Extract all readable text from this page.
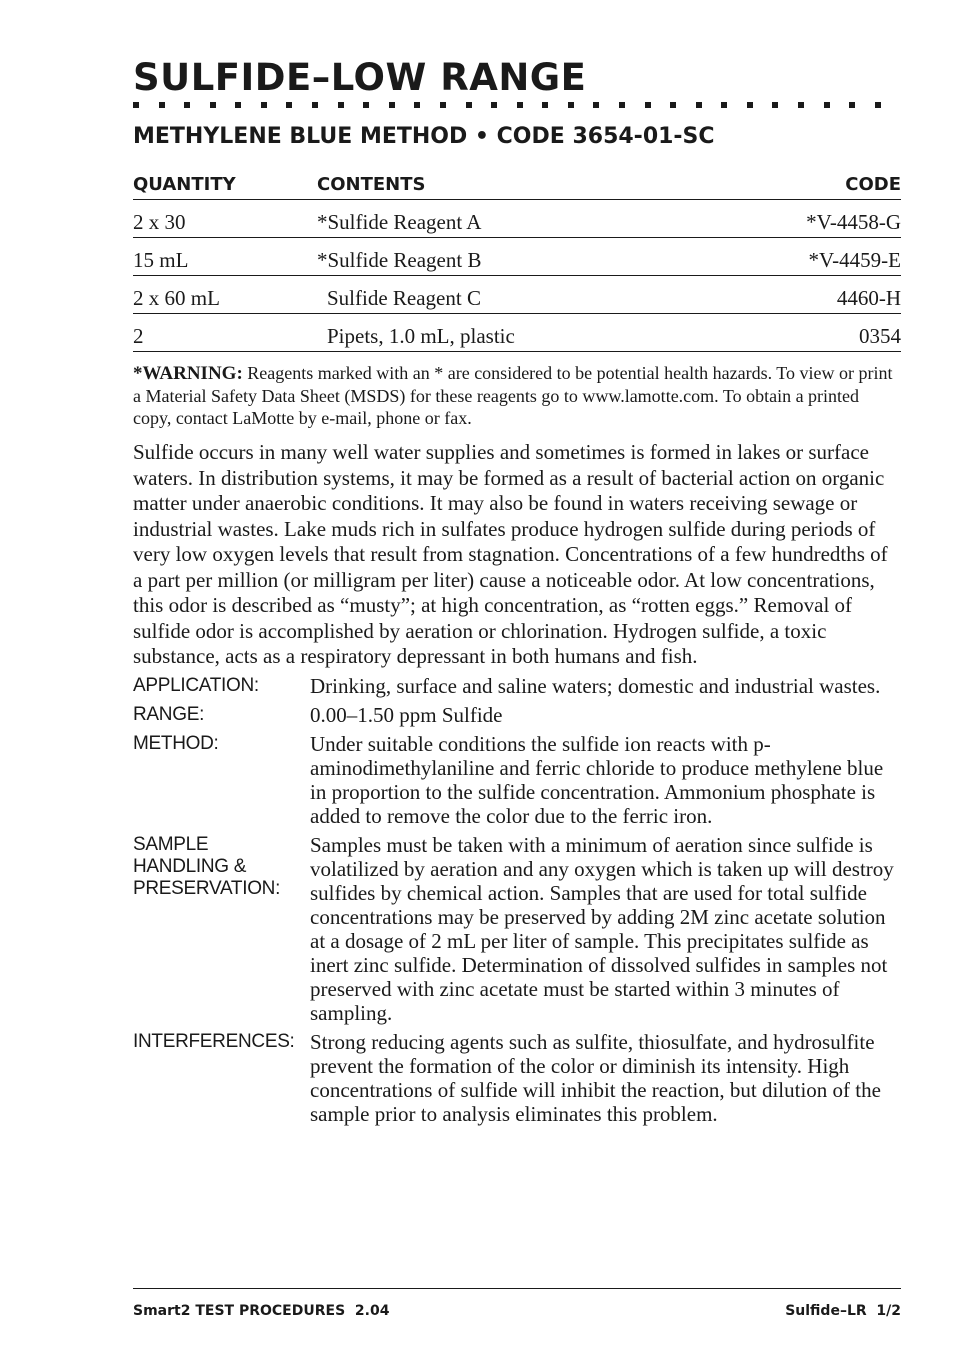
SULFIDE–LOW RANGE
METHYLENE BLUE METHOD • CODE 3654-01-SC
QUANTITY	CONTENTS	CODE
2 x 30	*Sulfide Reagent A	*V-4458-G
15 mL	*Sulfide Reagent B	*V-4459-E
2 x 60 mL	Sulfide Reagent C	4460-H
2	Pipets, 1.0 mL, plastic	0354

*WARNING: Reagents marked with an * are considered to be potential health hazards. To view or print a Material Safety Data Sheet (MSDS) for these reagents go to www.lamotte.com. To obtain a printed copy, contact LaMotte by e-mail, phone or fax.

Sulfide occurs in many well water supplies and sometimes is formed in lakes or surface waters. In distribution systems, it may be formed as a result of bacterial action on organic matter under anaerobic conditions. It may also be found in waters receiving sewage or industrial wastes. Lake muds rich in sulfates produce hydrogen sulfide during periods of very low oxygen levels that result from stagnation. Concentrations of a few hundredths of a part per million (or milligram per liter) cause a noticeable odor. At low concentrations, this odor is described as “musty”; at high concentration, as “rotten eggs.” Removal of sulfide odor is accomplished by aeration or chlorination. Hydrogen sulfide, a toxic substance, acts as a respiratory depressant in both humans and fish.

APPLICATION:	Drinking, surface and saline waters; domestic and industrial wastes.
RANGE:	0.00–1.50 ppm Sulfide
METHOD:	Under suitable conditions the sulfide ion reacts with p-aminodimethylaniline and ferric chloride to produce methylene blue in proportion to the sulfide concentration. Ammonium phosphate is added to remove the color due to the ferric iron.
SAMPLE
HANDLING &
PRESERVATION:
Samples must be taken with a minimum of aeration since sulfide is volatilized by aeration and any oxygen which is taken up will destroy sulfides by chemical action. Samples that are used for total sulfide concentrations may be preserved by adding 2M zinc acetate solution at a dosage of 2 mL per liter of sample. This precipitates sulfide as inert zinc sulfide. Determination of dissolved sulfides in samples not preserved with zinc acetate must be started within 3 minutes of sampling.
INTERFERENCES: Strong reducing agents such as sulfite, thiosulfate, and hydrosulfite prevent the formation of the color or diminish its intensity. High concentrations of sulfide will inhibit the reaction, but dilution of the sample prior to analysis eliminates this problem.
Smart2 TEST PROCEDURES  2.04	Sulfide–LR  1/2
